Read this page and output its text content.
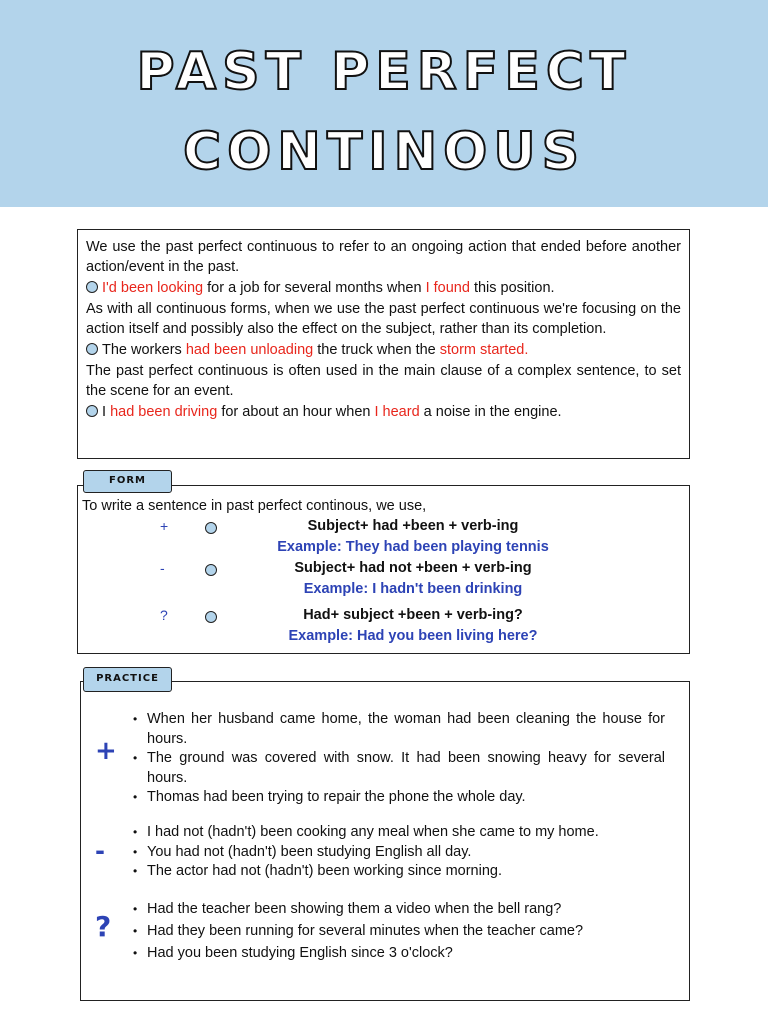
PAST PERFECT
CONTINOUS

We use the past perfect continuous to refer to an ongoing action that ended before another action/event in the past.

I'd been looking for a job for several months when I found this position.

As with all continuous forms, when we use the past perfect continuous we're focusing on the action itself and possibly also the effect on the subject, rather than its completion.

The workers had been unloading the truck when the storm started.

The past perfect continuous is often used in the main clause of a complex sentence, to set the scene for an event.

I had been driving for about an hour when I heard a noise in the engine.

To write a sentence in past perfect continous, we use,
+	Subject+ had +been + verb-ing
Example: They had been playing tennis
-	Subject+ had not +been + verb-ing
Example: I hadn't been drinking
?	Had+ subject +been + verb-ing?
Example: Had you been living here?
FORM
+
• When her husband came home, the woman had been cleaning the house for hours.
• The ground was covered with snow. It had been snowing heavy for several hours.
• Thomas had been trying to repair the phone the whole day.
-
• I had not (hadn't) been cooking any meal when she came to my home.
• You had not (hadn't) been studying English all day.
• The actor had not (hadn't) been working since morning.
?
• Had the teacher been showing them a video when the bell rang?
• Had they been running for several minutes when the teacher came?
• Had you been studying English since 3 o'clock?
PRACTICE
